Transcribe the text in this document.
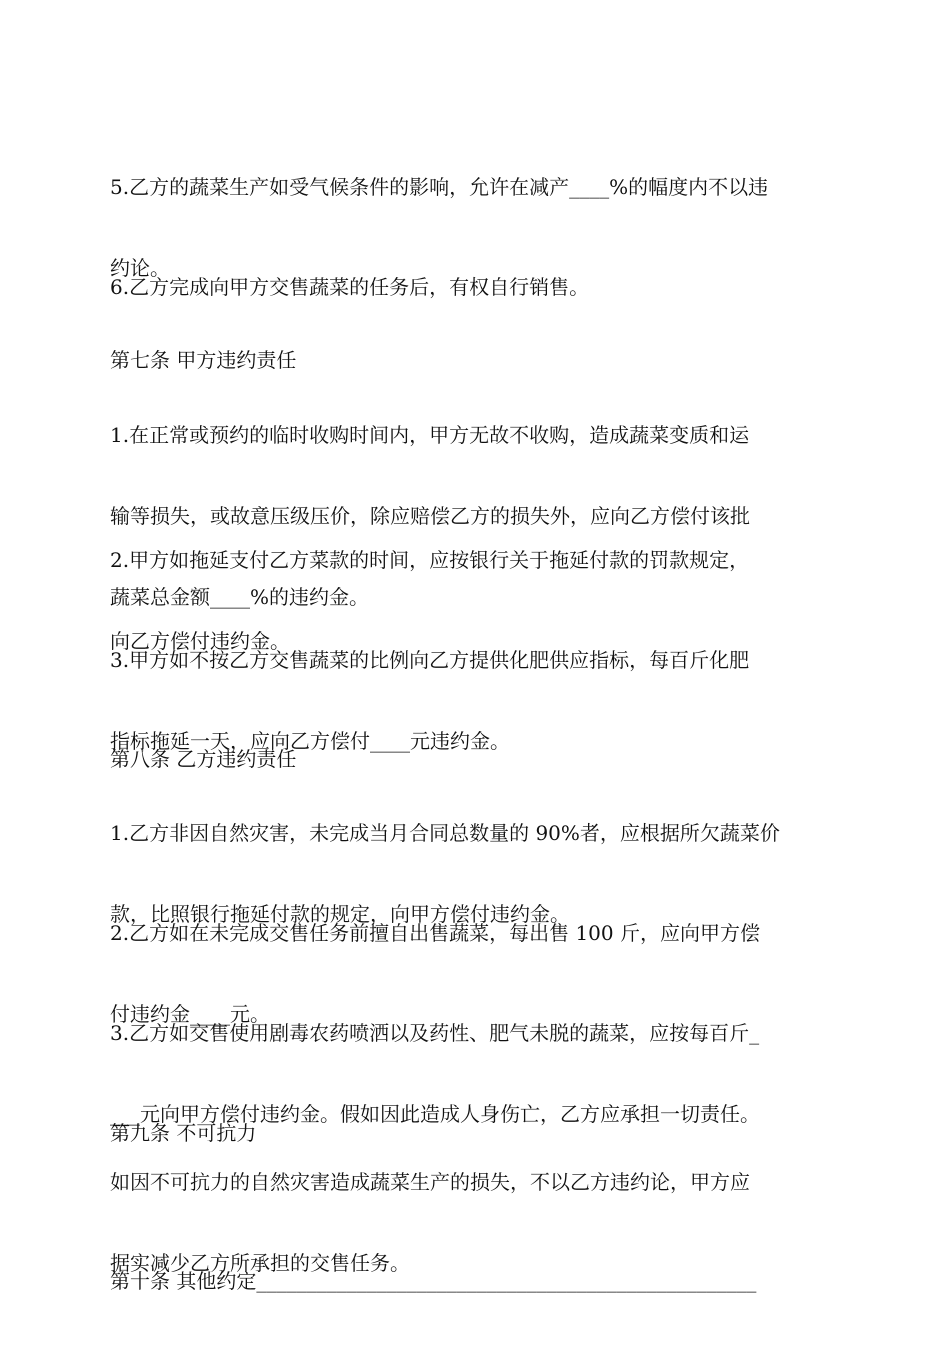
5.乙方的蔬菜生产如受气候条件的影响，允许在减产____%的幅度内不以违

约论。

6.乙方完成向甲方交售蔬菜的任务后，有权自行销售。

第七条 甲方违约责任

1.在正常或预约的临时收购时间内，甲方无故不收购，造成蔬菜变质和运

输等损失，或故意压级压价，除应赔偿乙方的损失外，应向乙方偿付该批

蔬菜总金额____%的违约金。

2.甲方如拖延支付乙方菜款的时间，应按银行关于拖延付款的罚款规定，

向乙方偿付违约金。

3.甲方如不按乙方交售蔬菜的比例向乙方提供化肥供应指标，每百斤化肥

指标拖延一天，应向乙方偿付____元违约金。

第八条 乙方违约责任

1.乙方非因自然灾害，未完成当月合同总数量的 90%者，应根据所欠蔬菜价

款，比照银行拖延付款的规定，向甲方偿付违约金。

2.乙方如在未完成交售任务前擅自出售蔬菜，每出售 100 斤，应向甲方偿

付违约金____元。

3.乙方如交售使用剧毒农药喷洒以及药性、肥气未脱的蔬菜，应按每百斤_

___元向甲方偿付违约金。假如因此造成人身伤亡，乙方应承担一切责任。

第九条 不可抗力

如因不可抗力的自然灾害造成蔬菜生产的损失，不以乙方违约论，甲方应

据实减少乙方所承担的交售任务。

第十条 其他约定__________________________________________________
